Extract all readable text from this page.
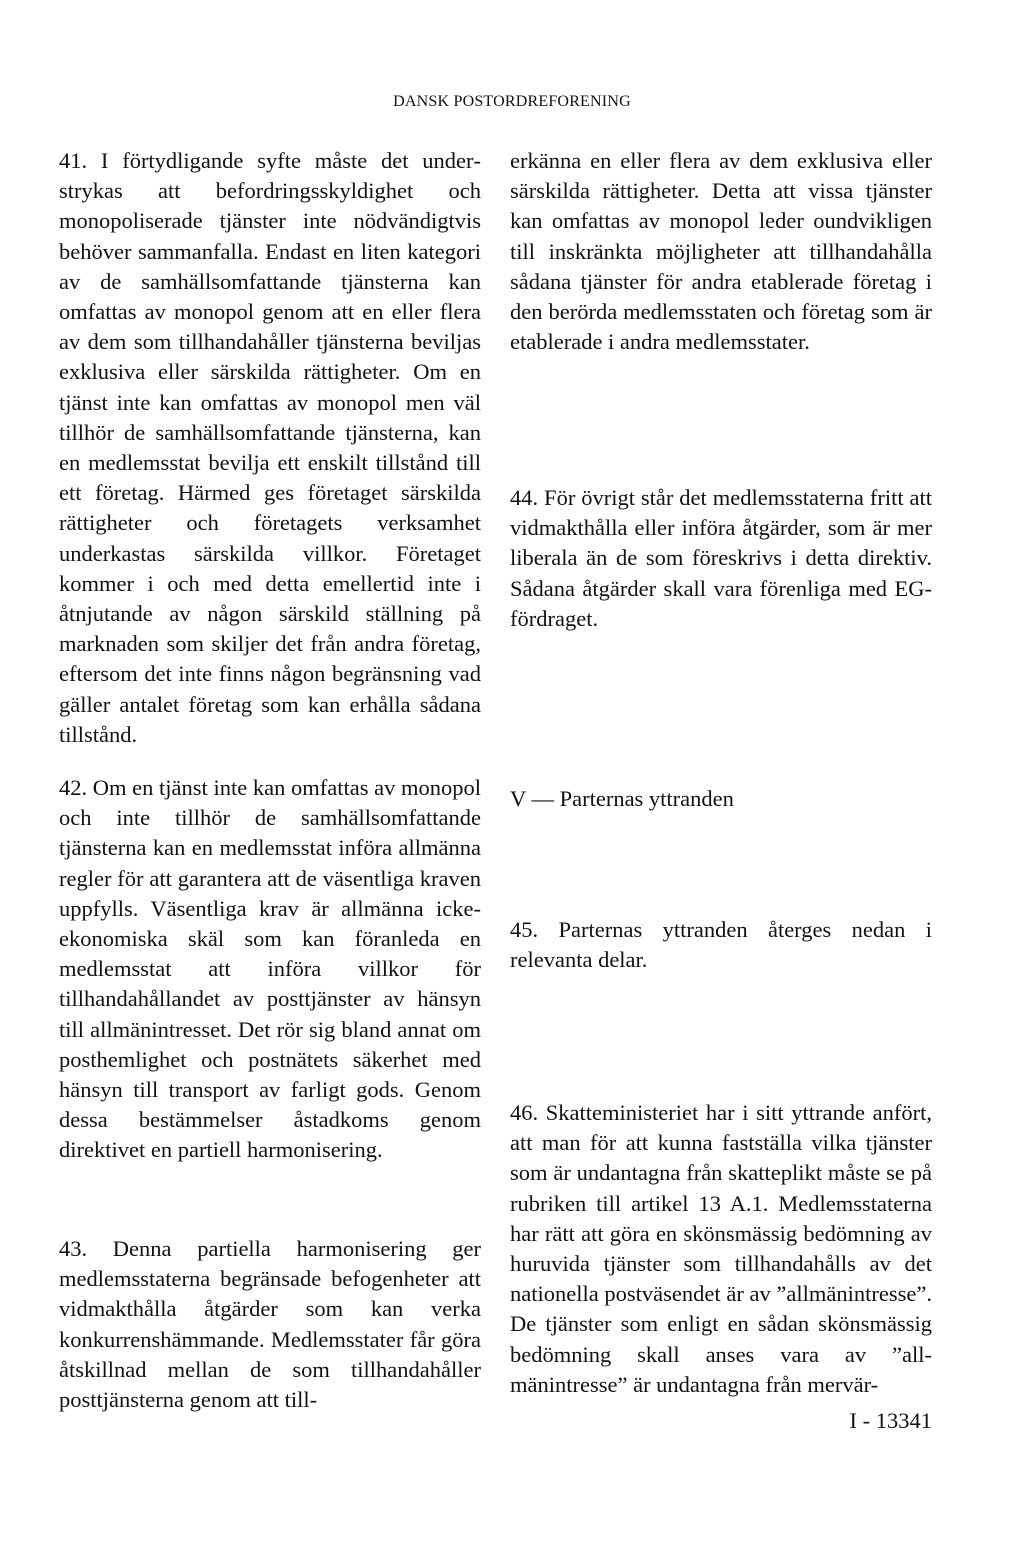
DANSK POSTORDREFORENING

41. I förtydligande syfte måste det understrykas att befordringsskyldighet och monopoliserade tjänster inte nödvändigtvis behöver sammanfalla. Endast en liten kategori av de samhällsomfattande tjänsterna kan omfattas av monopol genom att en eller flera av dem som tillhandahåller tjänsterna beviljas exklusiva eller särskilda rättigheter. Om en tjänst inte kan omfattas av monopol men väl tillhör de samhällsomfattande tjänsterna, kan en medlemsstat bevilja ett enskilt tillstånd till ett företag. Härmed ges företaget särskilda rättigheter och företagets verksamhet underkastas särskilda villkor. Företaget kommer i och med detta emellertid inte i åtnjutande av någon särskild ställning på marknaden som skiljer det från andra företag, eftersom det inte finns någon begränsning vad gäller antalet företag som kan erhålla sådana tillstånd.

42. Om en tjänst inte kan omfattas av monopol och inte tillhör de samhällsomfattande tjänsterna kan en medlemsstat införa allmänna regler för att garantera att de väsentliga kraven uppfylls. Väsentliga krav är allmänna icke-ekonomiska skäl som kan föranleda en medlemsstat att införa villkor för tillhandahållandet av posttjänster av hänsyn till allmänintresset. Det rör sig bland annat om posthemlighet och postnätets säkerhet med hänsyn till transport av farligt gods. Genom dessa bestämmelser åstadkoms genom direktivet en partiell harmonisering.

43. Denna partiella harmonisering ger medlemsstaterna begränsade befogenheter att vidmakthålla åtgärder som kan verka konkurrenshämmande. Medlemsstater får göra åtskillnad mellan de som tillhandahåller posttjänsterna genom att till-

erkänna en eller flera av dem exklusiva eller särskilda rättigheter. Detta att vissa tjänster kan omfattas av monopol leder oundvikligen till inskränkta möjligheter att tillhandahålla sådana tjänster för andra etablerade företag i den berörda medlemsstaten och företag som är etablerade i andra medlemsstater.

44. För övrigt står det medlemsstaterna fritt att vidmakthålla eller införa åtgärder, som är mer liberala än de som föreskrivs i detta direktiv. Sådana åtgärder skall vara förenliga med EG-fördraget.

V — Parternas yttranden

45. Parternas yttranden återges nedan i relevanta delar.

46. Skatteministeriet har i sitt yttrande anfört, att man för att kunna fastställa vilka tjänster som är undantagna från skatteplikt måste se på rubriken till artikel 13 A.1. Medlemsstaterna har rätt att göra en skönsmässig bedömning av huruvida tjänster som tillhandahålls av det nationella postväsendet är av ”allmänintresse”. De tjänster som enligt en sådan skönsmässig bedömning skall anses vara av ”allmänintresse” är undantagna från mervär-

I - 13341
